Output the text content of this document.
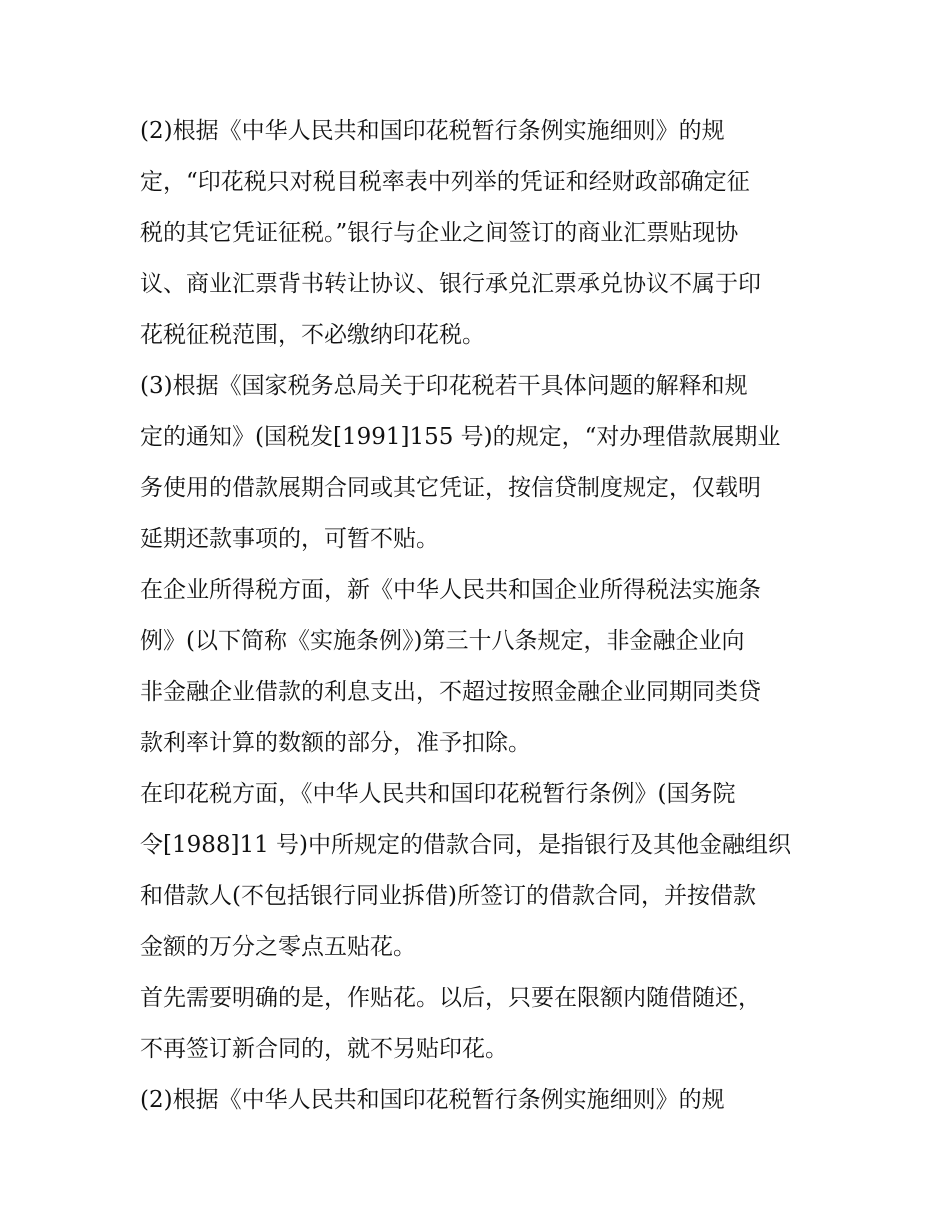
(2)根据《中华人民共和国印花税暂行条例实施细则》的规
定，“印花税只对税目税率表中列举的凭证和经财政部确定征
税的其它凭证征税。”银行与企业之间签订的商业汇票贴现协
议、商业汇票背书转让协议、银行承兑汇票承兑协议不属于印
花税征税范围，不必缴纳印花税。
(3)根据《国家税务总局关于印花税若干具体问题的解释和规
定的通知》(国税发[1991]155 号)的规定，“对办理借款展期业
务使用的借款展期合同或其它凭证，按信贷制度规定，仅载明
延期还款事项的，可暂不贴。
在企业所得税方面，新《中华人民共和国企业所得税法实施条
例》(以下简称《实施条例》)第三十八条规定，非金融企业向
非金融企业借款的利息支出，不超过按照金融企业同期同类贷
款利率计算的数额的部分，准予扣除。
在印花税方面，《中华人民共和国印花税暂行条例》(国务院
令[1988]11 号)中所规定的借款合同，是指银行及其他金融组织
和借款人(不包括银行同业拆借)所签订的借款合同，并按借款
金额的万分之零点五贴花。
首先需要明确的是，作贴花。以后，只要在限额内随借随还，
不再签订新合同的，就不另贴印花。
(2)根据《中华人民共和国印花税暂行条例实施细则》的规
